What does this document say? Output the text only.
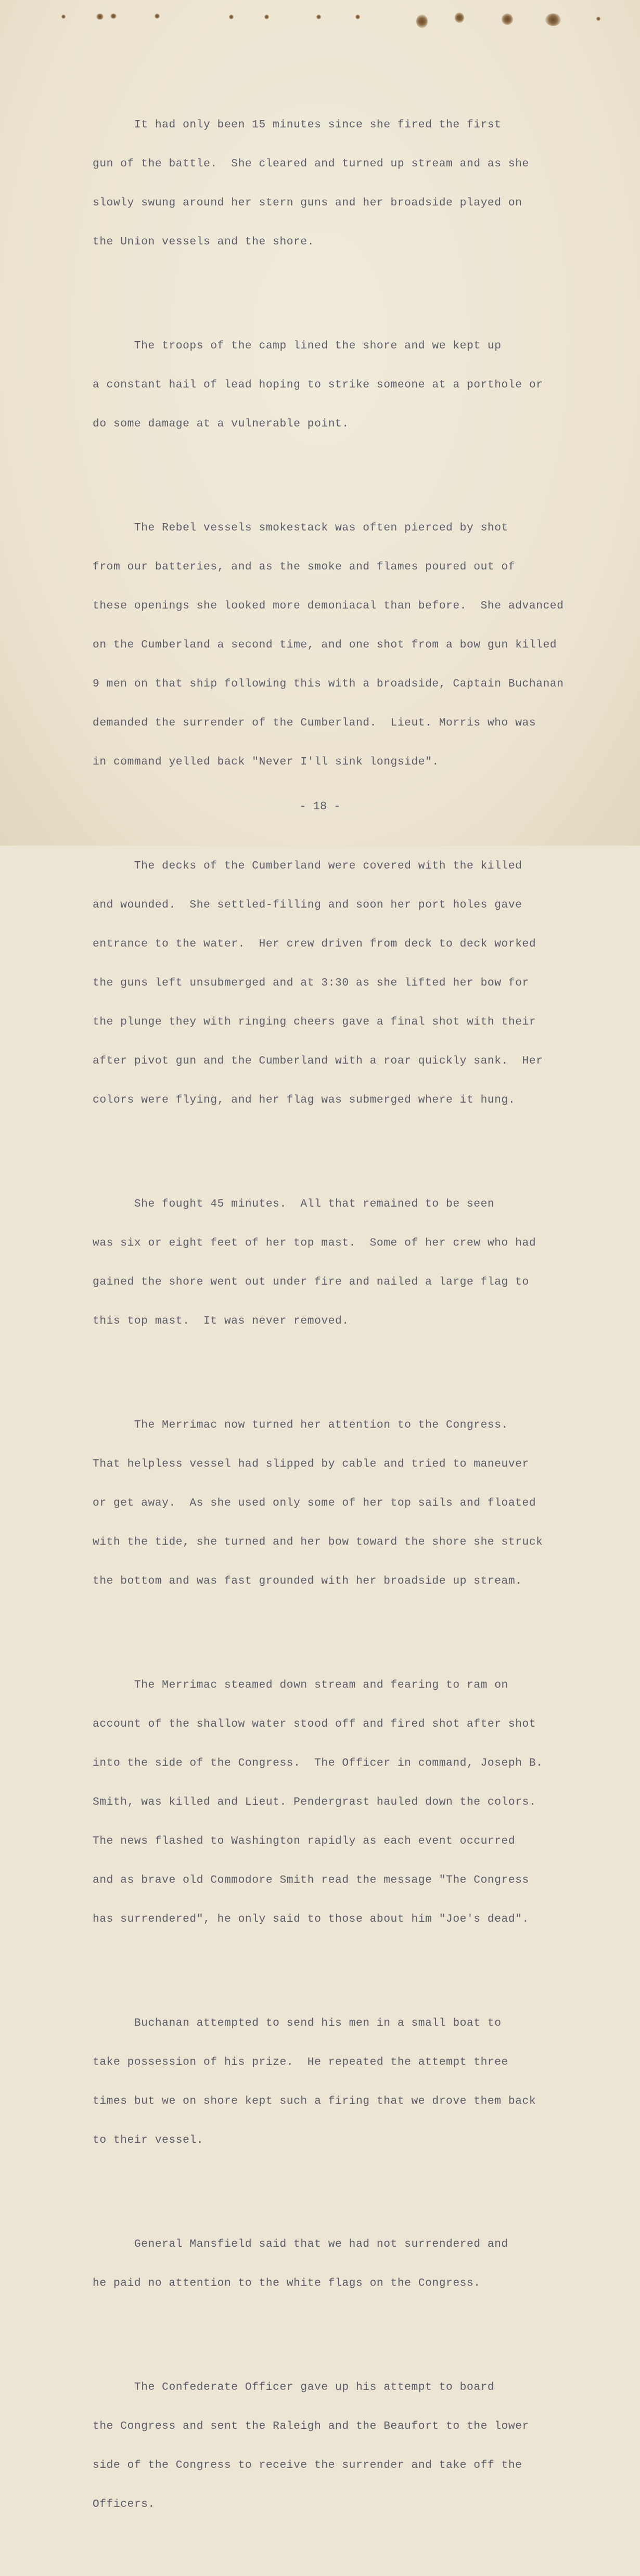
It had only been 15 minutes since she fired the first

gun of the battle.  She cleared and turned up stream and as she

slowly swung around her stern guns and her broadside played on

the Union vessels and the shore.

The troops of the camp lined the shore and we kept up

a constant hail of lead hoping to strike someone at a porthole or

do some damage at a vulnerable point.

The Rebel vessels smokestack was often pierced by shot

from our batteries, and as the smoke and flames poured out of

these openings she looked more demoniacal than before.  She advanced

on the Cumberland a second time, and one shot from a bow gun killed

9 men on that ship following this with a broadside, Captain Buchanan

demanded the surrender of the Cumberland.  Lieut. Morris who was

in command yelled back "Never I'll sink longside".

The decks of the Cumberland were covered with the killed

and wounded.  She settled-filling and soon her port holes gave

entrance to the water.  Her crew driven from deck to deck worked

the guns left unsubmerged and at 3:30 as she lifted her bow for

the plunge they with ringing cheers gave a final shot with their

after pivot gun and the Cumberland with a roar quickly sank.  Her

colors were flying, and her flag was submerged where it hung.

She fought 45 minutes.  All that remained to be seen

was six or eight feet of her top mast.  Some of her crew who had

gained the shore went out under fire and nailed a large flag to

this top mast.  It was never removed.

The Merrimac now turned her attention to the Congress.

That helpless vessel had slipped by cable and tried to maneuver

or get away.  As she used only some of her top sails and floated

with the tide, she turned and her bow toward the shore she struck

the bottom and was fast grounded with her broadside up stream.

The Merrimac steamed down stream and fearing to ram on

account of the shallow water stood off and fired shot after shot

into the side of the Congress.  The Officer in command, Joseph B.

Smith, was killed and Lieut. Pendergrast hauled down the colors.

The news flashed to Washington rapidly as each event occurred

and as brave old Commodore Smith read the message "The Congress

has surrendered", he only said to those about him "Joe's dead".

Buchanan attempted to send his men in a small boat to

take possession of his prize.  He repeated the attempt three

times but we on shore kept such a firing that we drove them back

to their vessel.

General Mansfield said that we had not surrendered and

he paid no attention to the white flags on the Congress.

The Confederate Officer gave up his attempt to board

the Congress and sent the Raleigh and the Beaufort to the lower

side of the Congress to receive the surrender and take off the

Officers.

- 18 -
